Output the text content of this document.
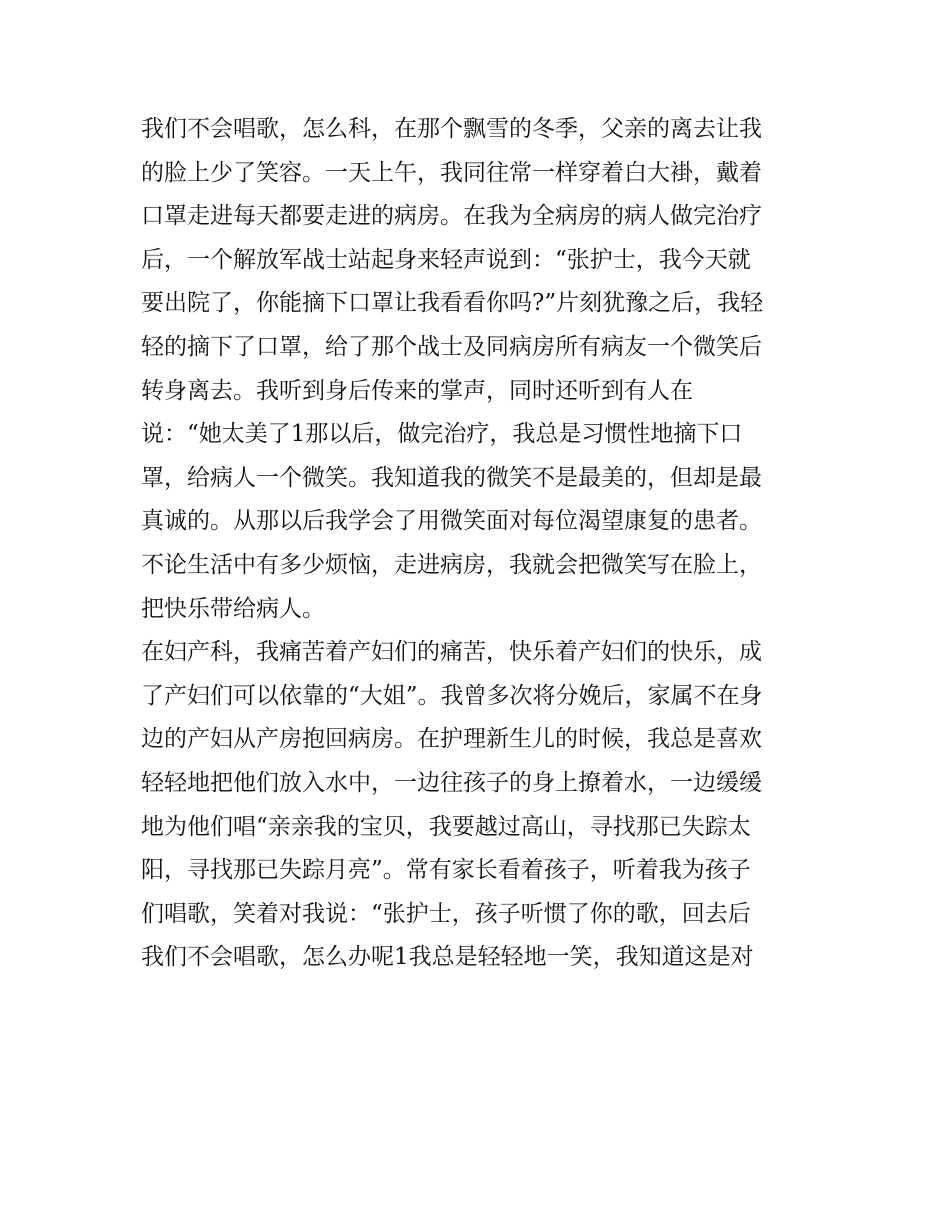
我们不会唱歌，怎么科，在那个飘雪的冬季，父亲的离去让我
的脸上少了笑容。一天上午，我同往常一样穿着白大褂，戴着
口罩走进每天都要走进的病房。在我为全病房的病人做完治疗
后，一个解放军战士站起身来轻声说到：“张护士，我今天就
要出院了，你能摘下口罩让我看看你吗?”片刻犹豫之后，我轻
轻的摘下了口罩，给了那个战士及同病房所有病友一个微笑后
转身离去。我听到身后传来的掌声，同时还听到有人在
说：“她太美了1那以后，做完治疗，我总是习惯性地摘下口
罩，给病人一个微笑。我知道我的微笑不是最美的，但却是最
真诚的。从那以后我学会了用微笑面对每位渴望康复的患者。
不论生活中有多少烦恼，走进病房，我就会把微笑写在脸上，
把快乐带给病人。
在妇产科，我痛苦着产妇们的痛苦，快乐着产妇们的快乐，成
了产妇们可以依靠的“大姐”。我曾多次将分娩后，家属不在身
边的产妇从产房抱回病房。在护理新生儿的时候，我总是喜欢
轻轻地把他们放入水中，一边往孩子的身上撩着水，一边缓缓
地为他们唱“亲亲我的宝贝，我要越过高山，寻找那已失踪太
阳，寻找那已失踪月亮”。常有家长看着孩子，听着我为孩子
们唱歌，笑着对我说：“张护士，孩子听惯了你的歌，回去后
我们不会唱歌，怎么办呢1我总是轻轻地一笑，我知道这是对
